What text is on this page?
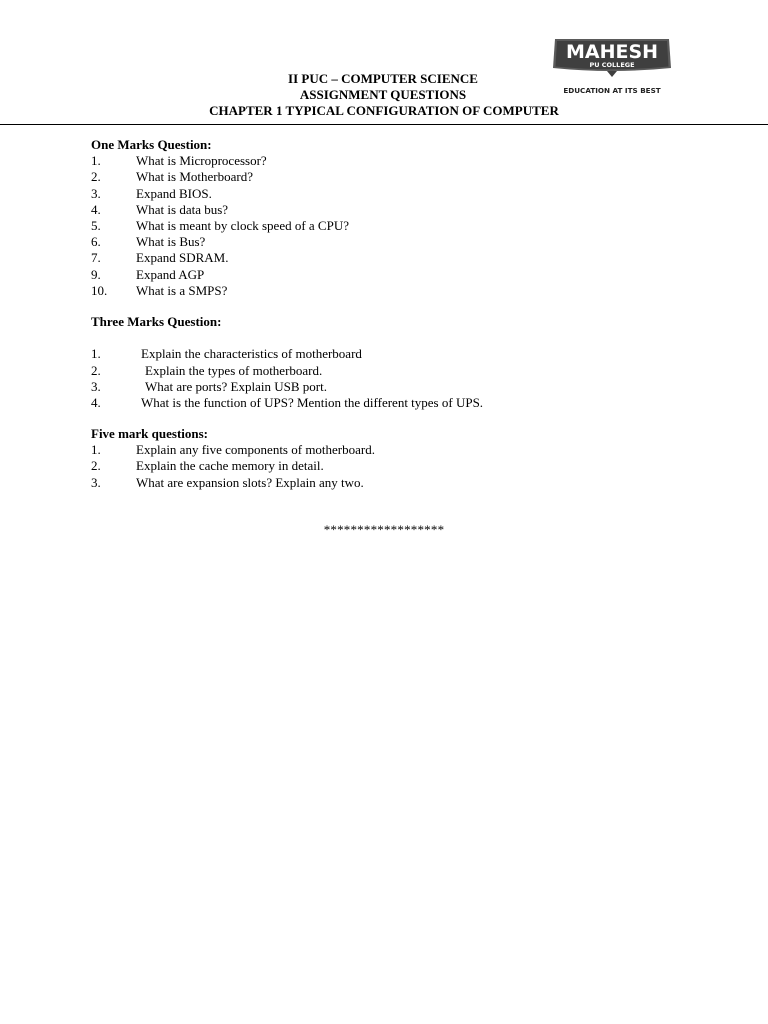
MAHESH
PU COLLEGE
EDUCATION AT ITS BEST
II PUC – COMPUTER SCIENCE
ASSIGNMENT QUESTIONS
CHAPTER 1 TYPICAL CONFIGURATION OF COMPUTER
One Marks Question:
1.	What is Microprocessor?
2.	What is Motherboard?
3.	Expand BIOS.
4.	What is data bus?
5.	What is meant by clock speed of a CPU?
6.	What is Bus?
7.	Expand SDRAM.
9.	Expand AGP
10. What is a SMPS?
Three Marks Question:
1.	Explain the characteristics of motherboard
2.	Explain the types of motherboard.
3.	What are ports? Explain USB port.
4.	What is the function of UPS? Mention the different types of UPS.
Five mark questions:
1.	Explain any five components of motherboard.
2.	Explain the cache memory in detail.
3.	What are expansion slots? Explain any two.
******************
